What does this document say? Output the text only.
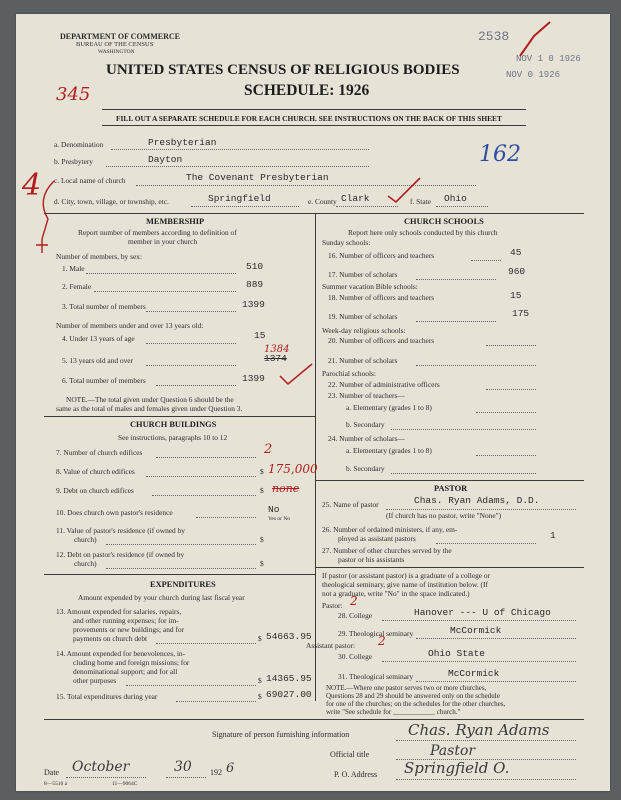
DEPARTMENT OF COMMERCE
BUREAU OF THE CENSUS
WASHINGTON
2538
NOV 1 0 1926
NOV 0 1926
UNITED STATES CENSUS OF RELIGIOUS BODIES
SCHEDULE: 1926
345
FILL OUT A SEPARATE SCHEDULE FOR EACH CHURCH. SEE INSTRUCTIONS ON THE BACK OF THIS SHEET
162
a. Denomination	Presbyterian
b. Presbytery	Dayton
c. Local name of church	The Covenant Presbyterian
d. City, town, village, or township, etc.	Springfield	e. County Clark	f. State Ohio
4
MEMBERSHIP
Report number of members according to definition of
member in your church
Number of members, by sex:
1. Male	510
2. Female	889
3. Total number of members	1399
Number of members under and over 13 years old:
4. Under 13 years of age	15
1384
5. 13 years old and over	1374
6. Total number of members	1399
NOTE.—The total given under Question 6 should be the
same as the total of males and females given under Question 3.
CHURCH BUILDINGS
See instructions, paragraphs 10 to 12
7. Number of church edifices	2
8. Value of church edifices	$ 175,000
9. Debt on church edifices	$ none
10. Does church own pastor's residence	No
Yes or No
11. Value of pastor's residence (if owned by
church)	$
12. Debt on pastor's residence (if owned by
church)	$
EXPENDITURES
Amount expended by your church during last fiscal year
13. Amount expended for salaries, repairs,
and other running expenses; for im-
provements or new buildings; and for
payments on church debt	$ 54663.95
14. Amount expended for benevolences, in-
cluding home and foreign missions; for
denominational support; and for all
other purposes	$ 14365.95
15. Total expenditures during year	$ 69027.00
CHURCH SCHOOLS
Report here only schools conducted by this church
Sunday schools:
16. Number of officers and teachers	45
17. Number of scholars	960
Summer vacation Bible schools:
18. Number of officers and teachers	15
19. Number of scholars	175
Week-day religious schools:
20. Number of officers and teachers
21. Number of scholars
Parochial schools:
22. Number of administrative officers
23. Number of teachers—
a. Elementary (grades 1 to 8)
b. Secondary
24. Number of scholars—
a. Elementary (grades 1 to 8)
b. Secondary
PASTOR
25. Name of pastor	Chas. Ryan Adams, D.D.
(If church has no pastor, write "None")
26. Number of ordained ministers, if any, em-
ployed as assistant pastors	1
27. Number of other churches served by the
pastor or his assistants
If pastor (or assistant pastor) is a graduate of a college or
theological seminary, give name of institution below. (If
not a graduate, write "No" in the space indicated.)
Pastor: 2
28. College	Hanover --- U of Chicago
29. Theological seminary	McCormick
Assistant pastor: 2
30. College	Ohio State
31. Theological seminary	McCormick
NOTE.—Where one pastor serves two or more churches,
Questions 28 and 29 should be answered only on the schedule
for one of the churches; on the schedules for the other churches,
write "See schedule for ____________ church."
Signature of person furnishing information	Chas. Ryan Adams
Official title	Pastor
Date October	30 192 6	P. O. Address Springfield O.
8—5510 a	11—9064C
